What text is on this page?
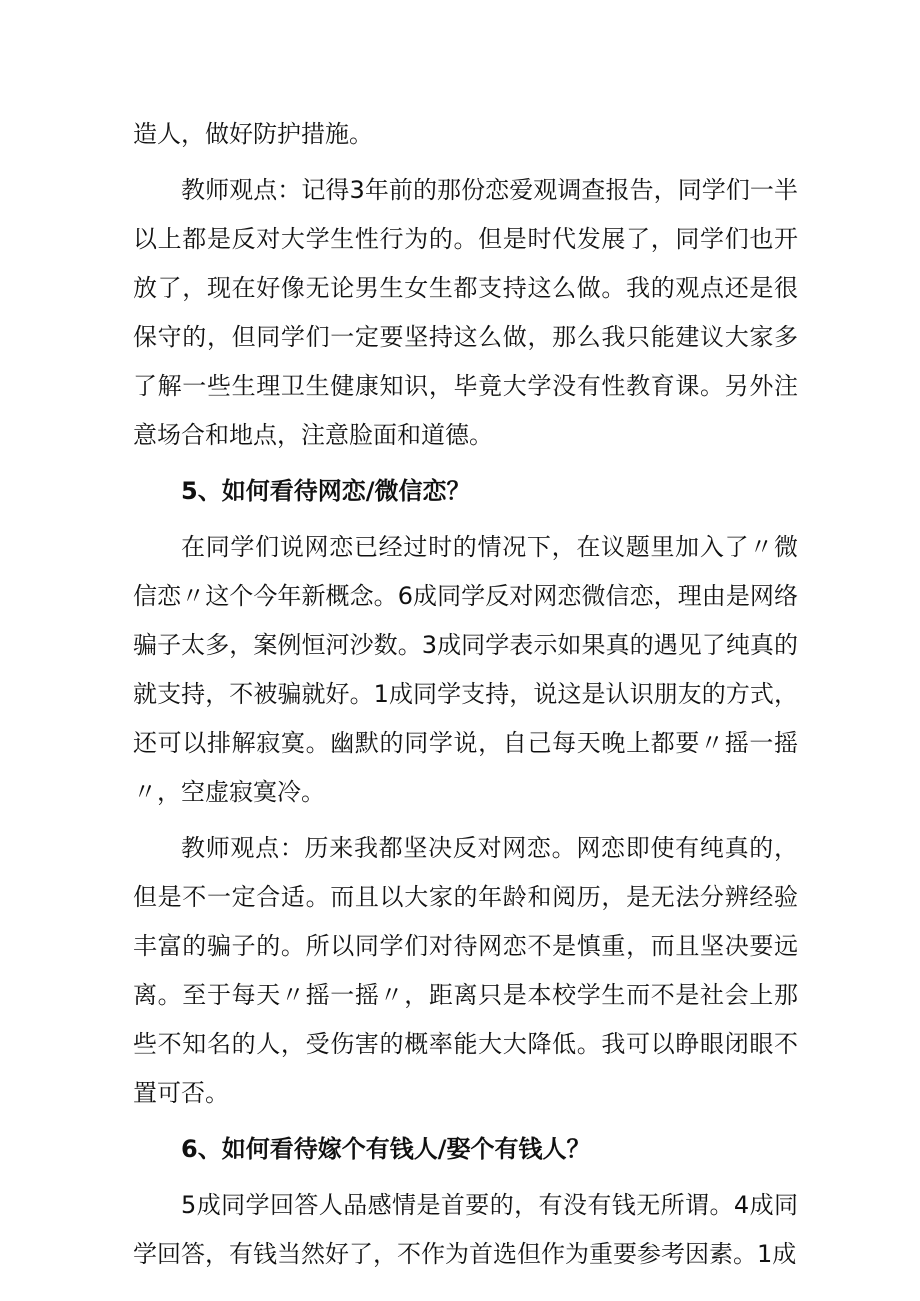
造人，做好防护措施。

教师观点：记得3年前的那份恋爱观调查报告，同学们一半以上都是反对大学生性行为的。但是时代发展了，同学们也开放了，现在好像无论男生女生都支持这么做。我的观点还是很保守的，但同学们一定要坚持这么做，那么我只能建议大家多了解一些生理卫生健康知识，毕竟大学没有性教育课。另外注意场合和地点，注意脸面和道德。

5、如何看待网恋/微信恋？

在同学们说网恋已经过时的情况下，在议题里加入了〃微信恋〃这个今年新概念。6成同学反对网恋微信恋，理由是网络骗子太多，案例恒河沙数。3成同学表示如果真的遇见了纯真的就支持，不被骗就好。1成同学支持，说这是认识朋友的方式，还可以排解寂寞。幽默的同学说，自己每天晚上都要〃摇一摇〃，空虚寂寞冷。

教师观点：历来我都坚决反对网恋。网恋即使有纯真的，但是不一定合适。而且以大家的年龄和阅历，是无法分辨经验丰富的骗子的。所以同学们对待网恋不是慎重，而且坚决要远离。至于每天〃摇一摇〃，距离只是本校学生而不是社会上那些不知名的人，受伤害的概率能大大降低。我可以睁眼闭眼不置可否。

6、如何看待嫁个有钱人/娶个有钱人？

5成同学回答人品感情是首要的，有没有钱无所谓。4成同学回答，有钱当然好了，不作为首选但作为重要参考因素。1成
